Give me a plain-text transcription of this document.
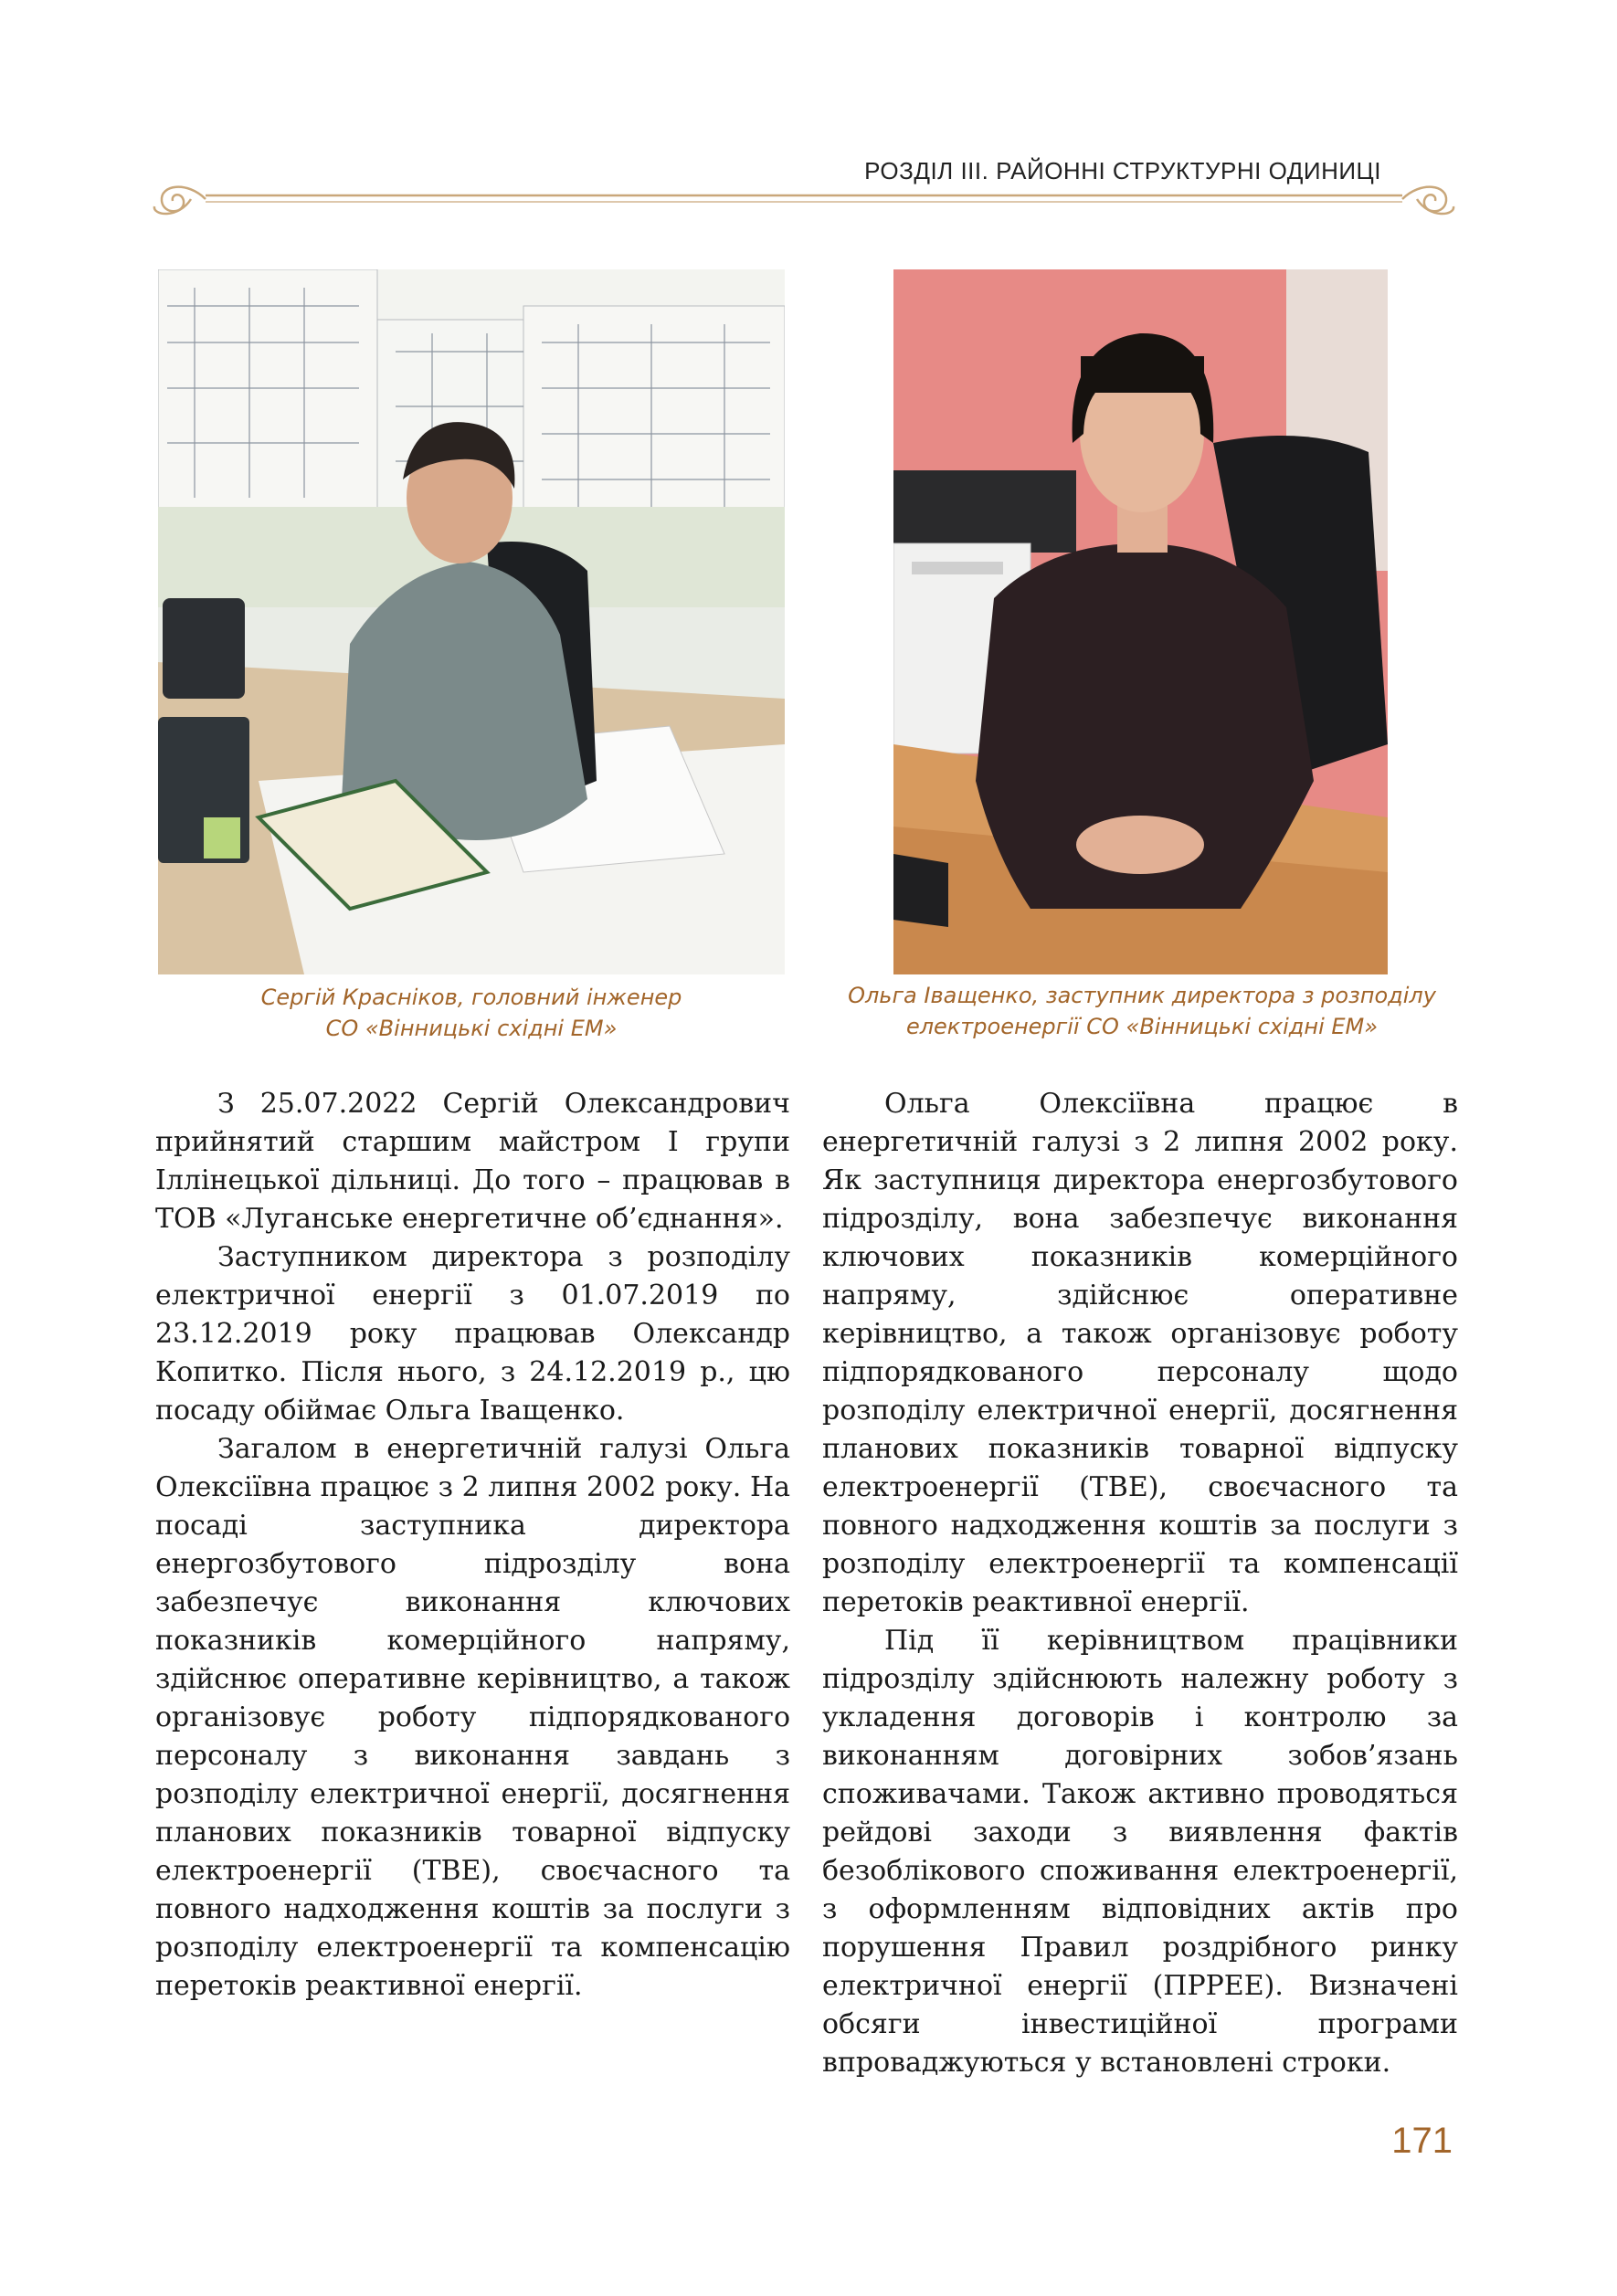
РОЗДІЛ ІІІ. РАЙОННІ СТРУКТУРНІ ОДИНИЦІ
Сергій Красніков, головний інженер
СО «Вінницькі східні ЕМ»
Ольга Іващенко, заступник директора з розподілу
електроенергії СО «Вінницькі східні ЕМ»

З 25.07.2022 Сергій Олександрович прийнятий старшим майстром І групи Іллінецької дільниці. До того – працював в ТОВ «Луганське енергетичне об’єднання».

Заступником директора з розподілу електричної енергії з 01.07.2019 по 23.12.2019 року працював Олександр Копитко. Після нього, з 24.12.2019 р., цю посаду обіймає Ольга Іващенко.

Загалом в енергетичній галузі Ольга Олексіївна працює з 2 липня 2002 року. На посаді заступника директора енергозбутового підрозділу вона забезпечує виконання ключових показників комерційного напряму, здійснює оперативне керівництво, а також організовує роботу підпорядкованого персоналу з виконання завдань з розподілу електричної енергії, досягнення планових показників товарної відпуску електроенергії (ТВЕ), своєчасного та повного надходження коштів за послуги з розподілу електроенергії та компенсацію перетоків реактивної енергії.

Ольга Олексіївна працює в енергетичній галузі з 2 липня 2002 року. Як заступниця директора енергозбутового підрозділу, вона забезпечує виконання ключових показників комерційного напряму, здійснює оперативне керівництво, а також організовує роботу підпорядкованого персоналу щодо розподілу електричної енергії, досягнення планових показників товарної відпуску електроенергії (ТВЕ), своєчасного та повного надходження коштів за послуги з розподілу електроенергії та компенсації перетоків реактивної енергії.

Під її керівництвом працівники підрозділу здійснюють належну роботу з укладення договорів і контролю за виконанням договірних зобов’язань споживачами. Також активно проводяться рейдові заходи з виявлення фактів безоблікового споживання електроенергії, з оформленням відповідних актів про порушення Правил роздрібного ринку електричної енергії (ПРРЕЕ). Визначені обсяги інвестиційної програми впроваджуються у встановлені строки.

171
